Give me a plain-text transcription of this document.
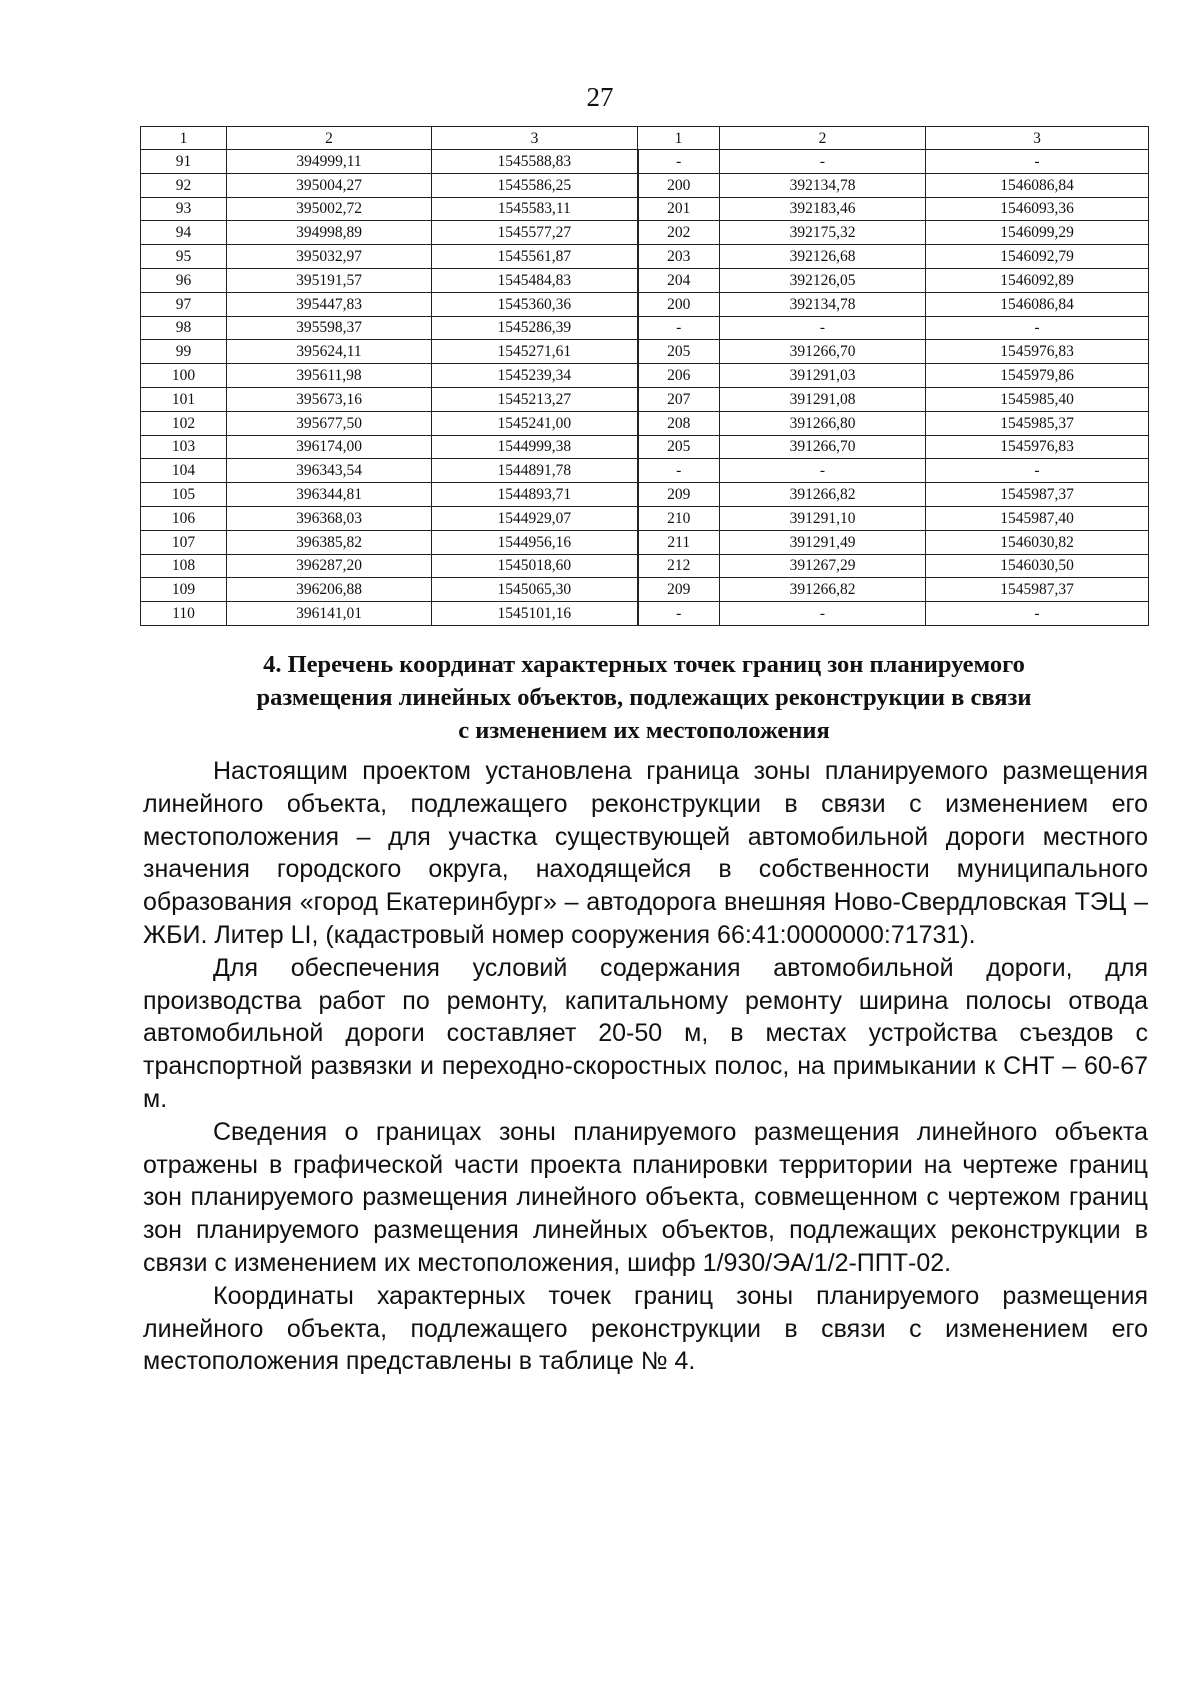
27
1	2	3	1	2	3
91	394999,11	1545588,83	-	-	-
92	395004,27	1545586,25	200	392134,78	1546086,84
93	395002,72	1545583,11	201	392183,46	1546093,36
94	394998,89	1545577,27	202	392175,32	1546099,29
95	395032,97	1545561,87	203	392126,68	1546092,79
96	395191,57	1545484,83	204	392126,05	1546092,89
97	395447,83	1545360,36	200	392134,78	1546086,84
98	395598,37	1545286,39	-	-	-
99	395624,11	1545271,61	205	391266,70	1545976,83
100	395611,98	1545239,34	206	391291,03	1545979,86
101	395673,16	1545213,27	207	391291,08	1545985,40
102	395677,50	1545241,00	208	391266,80	1545985,37
103	396174,00	1544999,38	205	391266,70	1545976,83
104	396343,54	1544891,78	-	-	-
105	396344,81	1544893,71	209	391266,82	1545987,37
106	396368,03	1544929,07	210	391291,10	1545987,40
107	396385,82	1544956,16	211	391291,49	1546030,82
108	396287,20	1545018,60	212	391267,29	1546030,50
109	396206,88	1545065,30	209	391266,82	1545987,37
110	396141,01	1545101,16	-	-	-
4. Перечень координат характерных точек границ зон планируемого
размещения линейных объектов, подлежащих реконструкции в связи
с изменением их местоположения

Настоящим проектом установлена граница зоны планируемого размещения линейного объекта, подлежащего реконструкции в связи с изменением его местоположения – для участка существующей автомобильной дороги местного значения городского округа, находящейся в собственности муниципального образования «город Екатеринбург» – автодорога внешняя Ново-Свердловская ТЭЦ – ЖБИ. Литер LI, (кадастровый номер сооружения 66:41:0000000:71731).

Для обеспечения условий содержания автомобильной дороги, для производства работ по ремонту, капитальному ремонту ширина полосы отвода автомобильной дороги составляет 20-50 м, в местах устройства съездов с транспортной развязки и переходно-скоростных полос, на примыкании к СНТ – 60-67 м.

Сведения о границах зоны планируемого размещения линейного объекта отражены в графической части проекта планировки территории на чертеже границ зон планируемого размещения линейного объекта, совмещенном с чертежом границ зон планируемого размещения линейных объектов, подлежащих реконструкции в связи с изменением их местоположения, шифр 1/930/ЭА/1/2-ППТ-02.

Координаты характерных точек границ зоны планируемого размещения линейного объекта, подлежащего реконструкции в связи с изменением его местоположения представлены в таблице № 4.
